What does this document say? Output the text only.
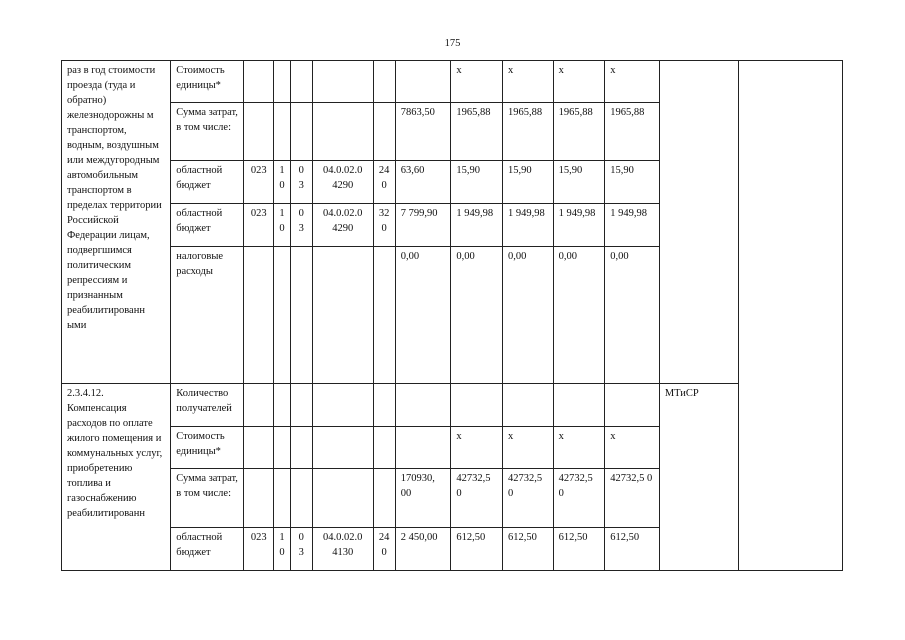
175
раз в год стоимости проезда (туда и обратно) железнодорожны м транспортом, водным, воздушным или междугородным автомобильным транспортом в пределах территории Российской Федерации лицам, подвергшимся политическим репрессиям и признанным реабилитированн ыми	Стоимость единицы*							х	х	х	х		
	Сумма затрат, в том числе:						7863,50	1965,88	1965,88	1965,88	1965,88		
	областной бюджет	023	1 0	0 3	04.0.02.0 4290	24 0	63,60	15,90	15,90	15,90	15,90		
	областной бюджет	023	1 0	0 3	04.0.02.0 4290	32 0	7 799,90	1 949,98	1 949,98	1 949,98	1 949,98		
	налоговые расходы						0,00	0,00	0,00	0,00	0,00		
2.3.4.12. Компенсация расходов по оплате жилого помещения и коммунальных услуг, приобретению топлива и газоснабжению реабилитированн	Количество получателей											МТиСР	
	Стоимость единицы*							х	х	х	х		
	Сумма затрат, в том числе:						170930, 00	42732,5 0	42732,5 0	42732,5 0	42732,5 0		
	областной бюджет	023	1 0	0 3	04.0.02.0 4130	24 0	2 450,00	612,50	612,50	612,50	612,50		
